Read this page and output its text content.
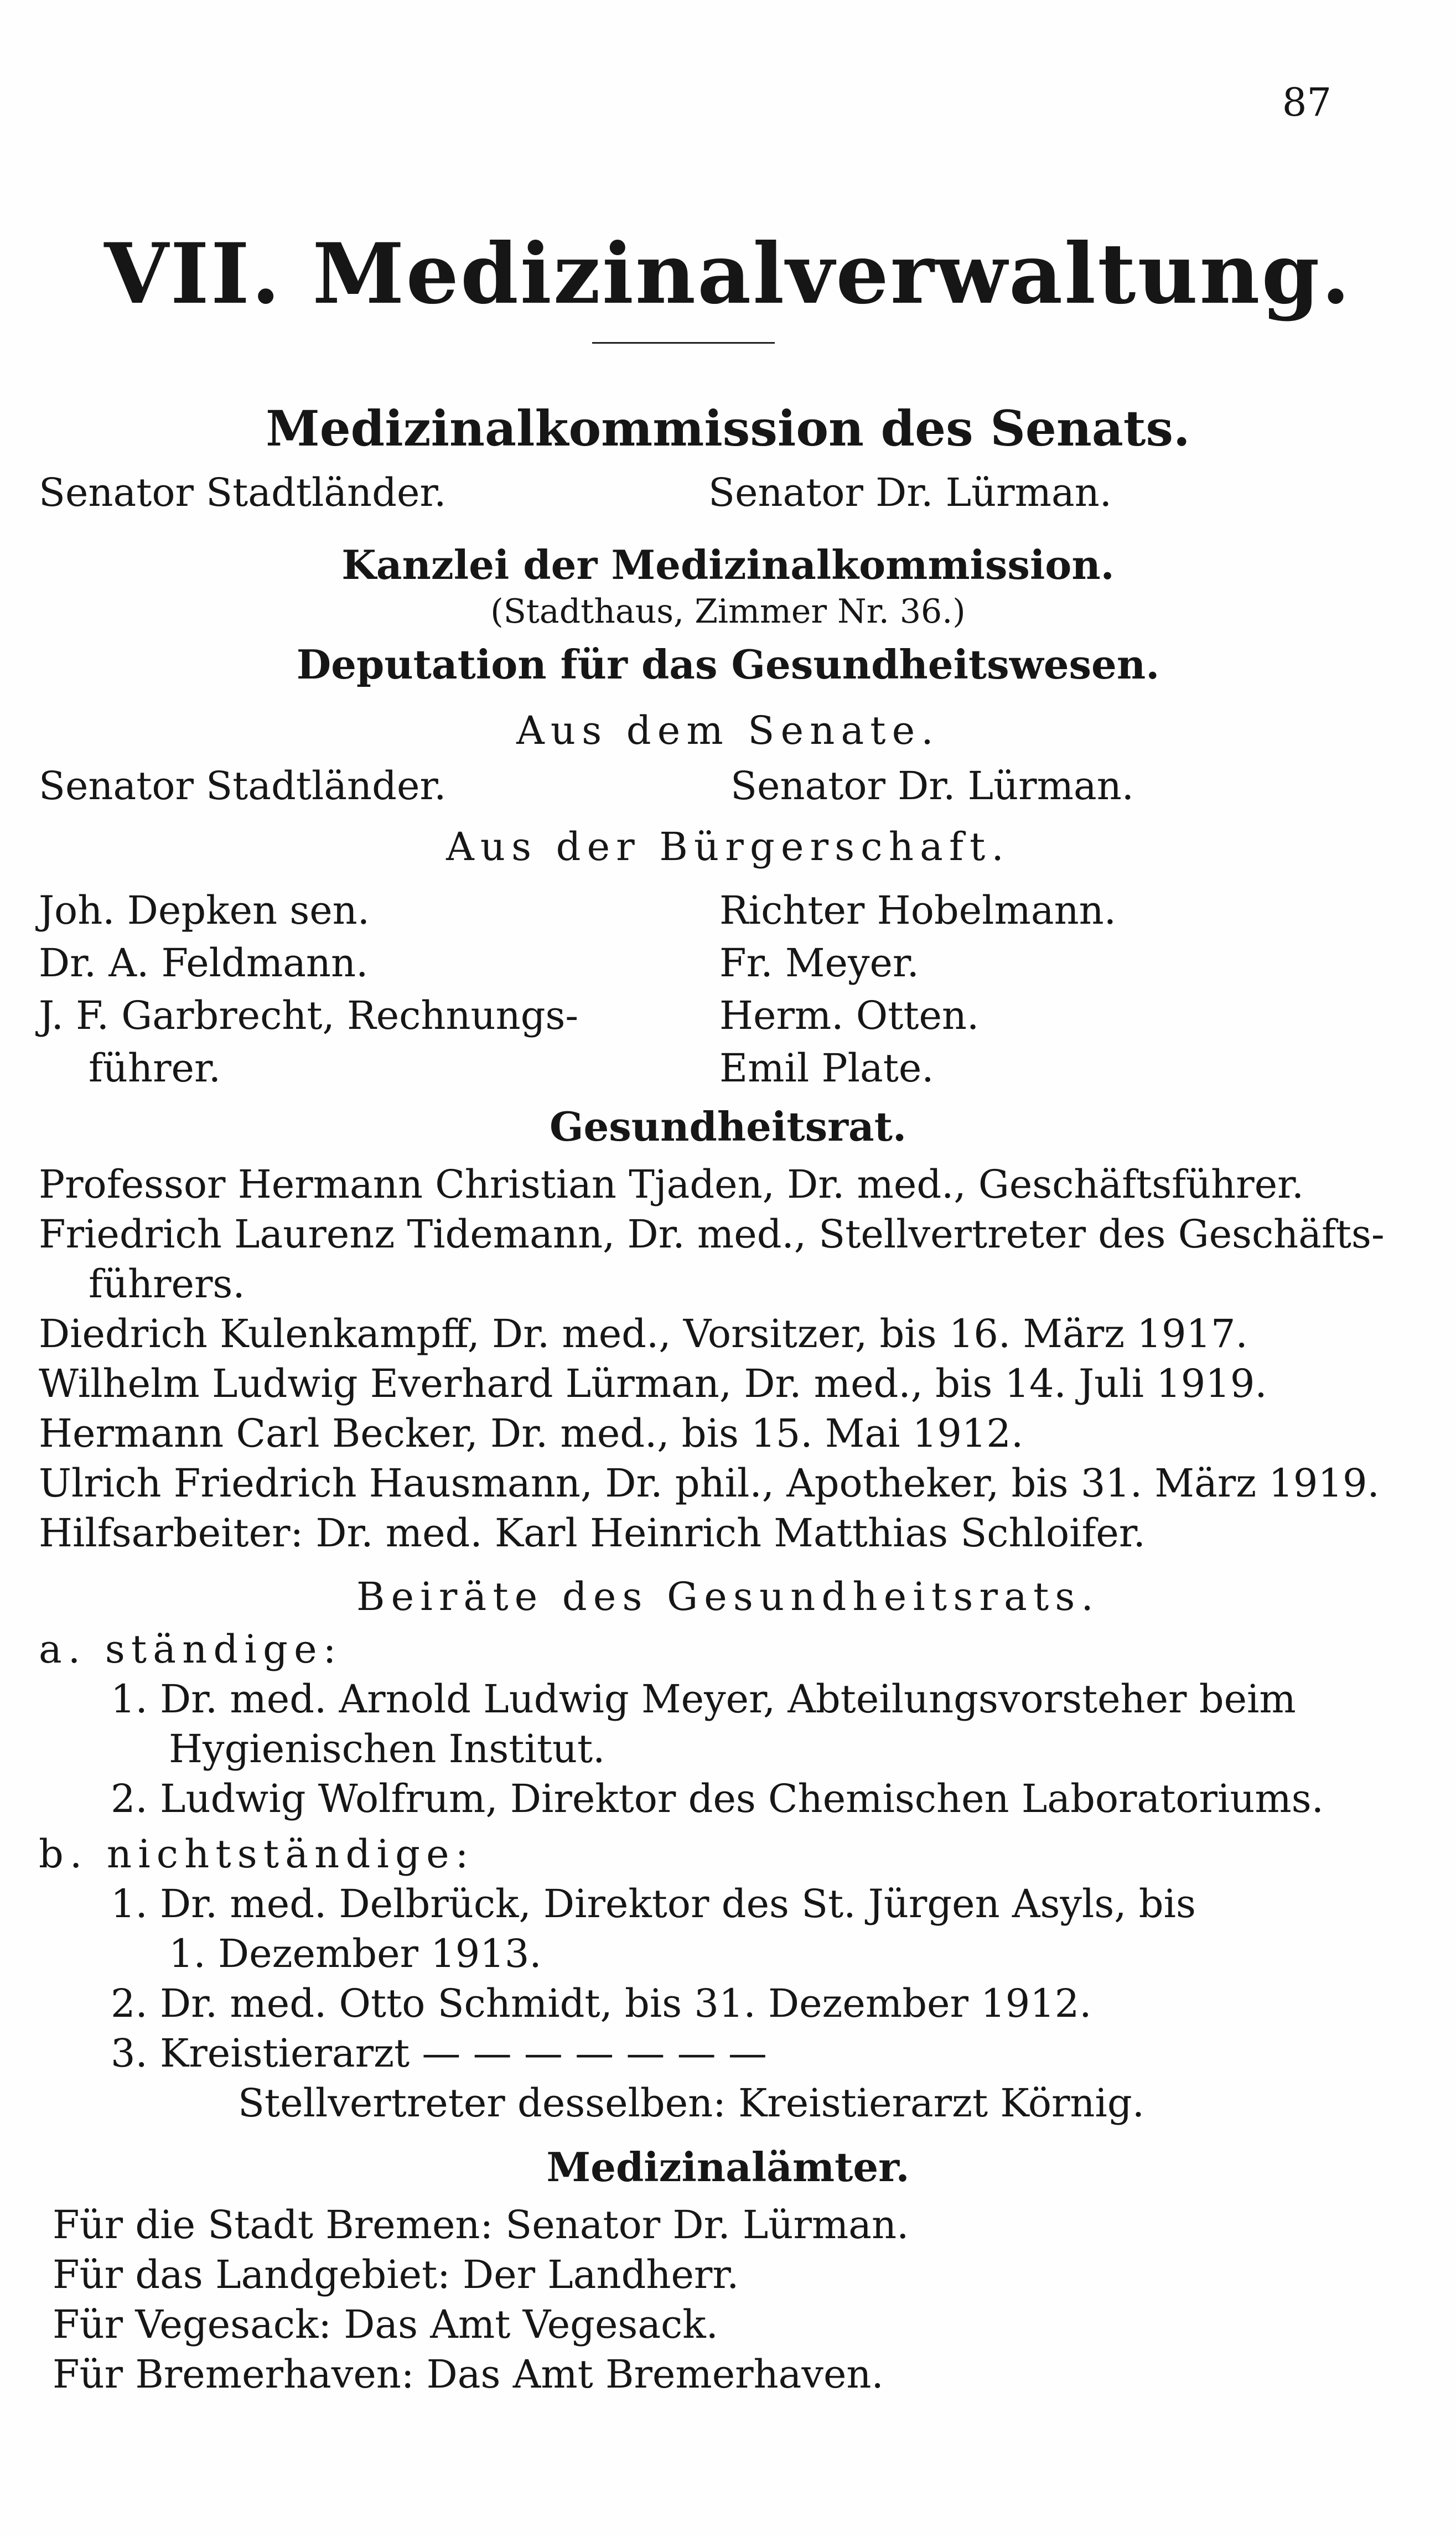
87
VII. Medizinalverwaltung.
Medizinalkommission des Senats.
Senator Stadtländer.	Senator Dr. Lürman.
Kanzlei der Medizinalkommission.
(Stadthaus, Zimmer Nr. 36.)
Deputation für das Gesundheitswesen.
Aus dem Senate.
Senator Stadtländer.	Senator Dr. Lürman.
Aus der Bürgerschaft.
Joh. Depken sen.
Dr. A. Feldmann.
J. F. Garbrecht, Rechnungs-
führer.
Richter Hobelmann.
Fr. Meyer.
Herm. Otten.
Emil Plate.
Gesundheitsrat.
Professor Hermann Christian Tjaden, Dr. med., Geschäftsführer.
Friedrich Laurenz Tidemann, Dr. med., Stellvertreter des Geschäfts-
führers.
Diedrich Kulenkampff, Dr. med., Vorsitzer, bis 16. März 1917.
Wilhelm Ludwig Everhard Lürman, Dr. med., bis 14. Juli 1919.
Hermann Carl Becker, Dr. med., bis 15. Mai 1912.
Ulrich Friedrich Hausmann, Dr. phil., Apotheker, bis 31. März 1919.
Hilfsarbeiter: Dr. med. Karl Heinrich Matthias Schloifer.
Beiräte des Gesundheitsrats.
a. ständige:
1. Dr. med. Arnold Ludwig Meyer, Abteilungsvorsteher beim
Hygienischen Institut.
2. Ludwig Wolfrum, Direktor des Chemischen Laboratoriums.
b. nichtständige:
1. Dr. med. Delbrück, Direktor des St. Jürgen Asyls, bis
1. Dezember 1913.
2. Dr. med. Otto Schmidt, bis 31. Dezember 1912.
3. Kreistierarzt — — — — — — —
Stellvertreter desselben: Kreistierarzt Körnig.
Medizinalämter.
Für die Stadt Bremen: Senator Dr. Lürman.
Für das Landgebiet: Der Landherr.
Für Vegesack: Das Amt Vegesack.
Für Bremerhaven: Das Amt Bremerhaven.
